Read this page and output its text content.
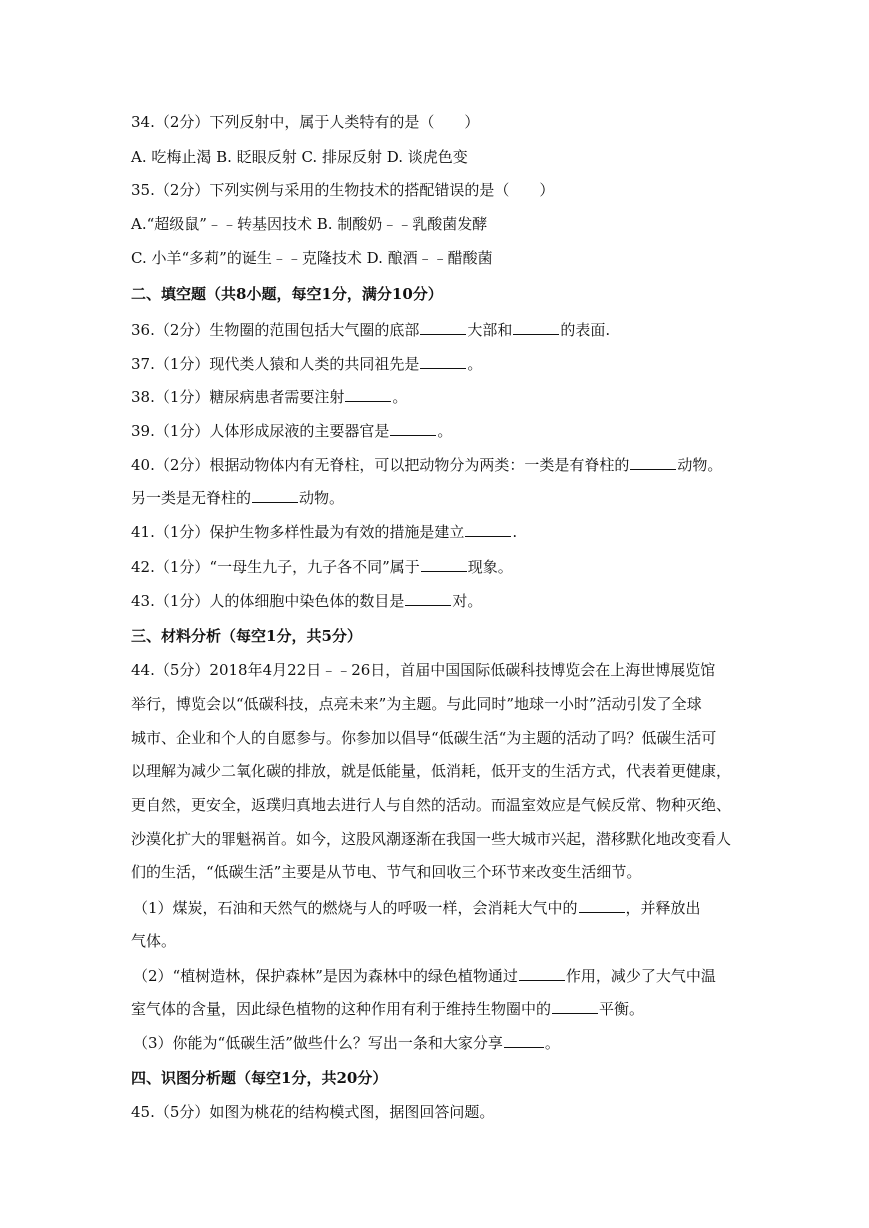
34.（2分）下列反射中，属于人类特有的是（　　）
A. 吃梅止渴 B. 眨眼反射 C. 排尿反射 D. 谈虎色变
35.（2分）下列实例与采用的生物技术的搭配错误的是（　　）
A.“超级鼠”﹣﹣转基因技术 B. 制酸奶﹣﹣乳酸菌发酵
C. 小羊“多莉”的诞生﹣﹣克隆技术 D. 酿酒﹣﹣醋酸菌
二、填空题（共8小题，每空1分，满分10分）
36.（2分）生物圈的范围包括大气圈的底部	大部和	的表面.
37.（1分）现代类人猿和人类的共同祖先是	。
38.（1分）糖尿病患者需要注射	。
39.（1分）人体形成尿液的主要器官是	。
40.（2分）根据动物体内有无脊柱，可以把动物分为两类：一类是有脊柱的	动物。
另一类是无脊柱的	动物。
41.（1分）保护生物多样性最为有效的措施是建立	.
42.（1分）“一母生九子，九子各不同”属于	现象。
43.（1分）人的体细胞中染色体的数目是	对。
三、材料分析（每空1分，共5分）
44.（5分）2018年4月22日﹣﹣26日，首届中国国际低碳科技博览会在上海世博展览馆
举行，博览会以“低碳科技，点亮未来”为主题。与此同时”地球一小时”活动引发了全球
城市、企业和个人的自愿参与。你参加以倡导“低碳生活“为主题的活动了吗？低碳生活可
以理解为减少二氧化碳的排放，就是低能量，低消耗，低开支的生活方式，代表着更健康，
更自然，更安全，返璞归真地去进行人与自然的活动。而温室效应是气候反常、物种灭绝、
沙漠化扩大的罪魁祸首。如今，这股风潮逐渐在我国一些大城市兴起，潜移默化地改变看人
们的生活，“低碳生活”主要是从节电、节气和回收三个环节来改变生活细节。
（1）煤炭，石油和天然气的燃烧与人的呼吸一样，会消耗大气中的	，并释放出
气体。
（2）“植树造林，保护森林”是因为森林中的绿色植物通过	作用，减少了大气中温
室气体的含量，因此绿色植物的这种作用有利于维持生物圈中的	平衡。
（3）你能为“低碳生活”做些什么？写出一条和大家分享	。
四、识图分析题（每空1分，共20分）
45.（5分）如图为桃花的结构模式图，据图回答问题。
